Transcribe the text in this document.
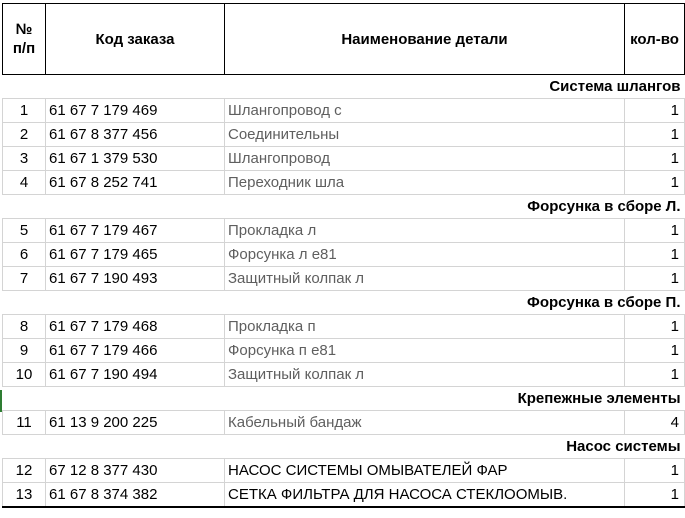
№
п/п	Код заказа	Наименование детали	кол-во
Система шлангов			
1	61 67 7 179 469	Шлангопровод с	1
2	61 67 8 377 456	Соединительны	1
3	61 67 1 379 530	Шлангопровод	1
4	61 67 8 252 741	Переходник шла	1
Форсунка в сборе Л.			
5	61 67 7 179 467	Прокладка л	1
6	61 67 7 179 465	Форсунка л e81	1
7	61 67 7 190 493	Защитный колпак л	1
Форсунка в сборе П.			
8	61 67 7 179 468	Прокладка п	1
9	61 67 7 179 466	Форсунка п e81	1
10	61 67 7 190 494	Защитный колпак л	1
Крепежные элементы			
11	61 13 9 200 225	Кабельный бандаж	4
Насос системы			
12	67 12 8 377 430	НАСОС СИСТЕМЫ ОМЫВАТЕЛЕЙ ФАР	1
13	61 67 8 374 382	СЕТКА ФИЛЬТРА ДЛЯ НАСОСА СТЕКЛООМЫВ.	1
